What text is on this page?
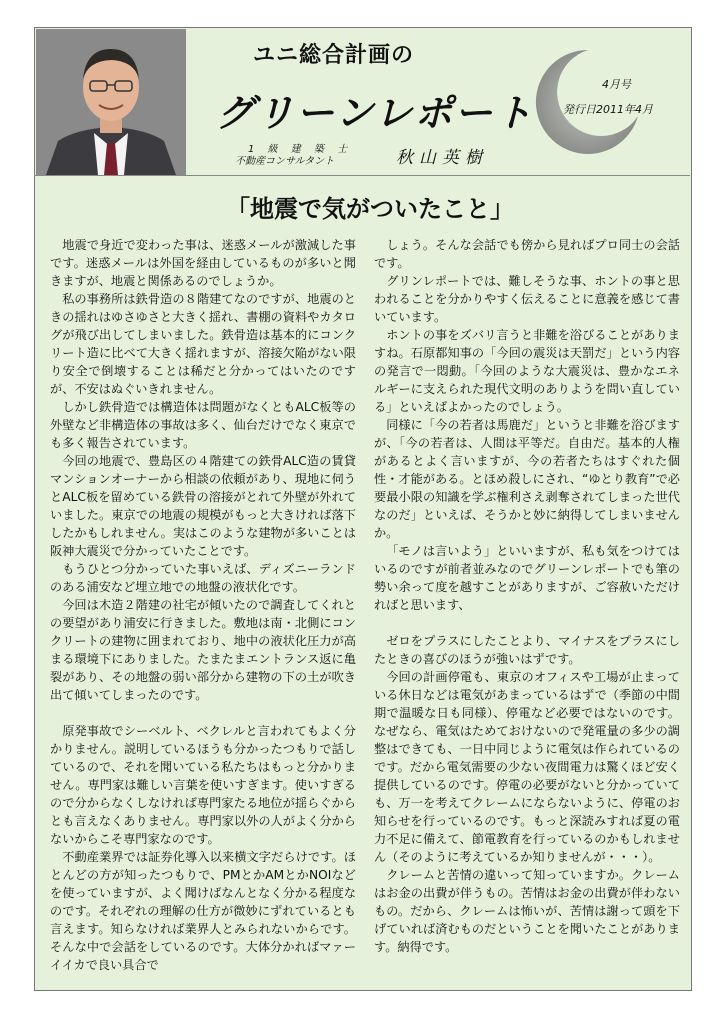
ユニ総合計画の
グリーンレポート
4月号
発行日2011年4月
1 級 建 築 士
不動産コンサルタント	秋山英樹
「地震で気がついたこと」

地震で身近で変わった事は、迷惑メールが激減した事です。迷惑メールは外国を経由しているものが多いと聞きますが、地震と関係あるのでしょうか。

私の事務所は鉄骨造の８階建てなのですが、地震のときの揺れはゆさゆさと大きく揺れ、書棚の資料やカタログが飛び出してしまいました。鉄骨造は基本的にコンクリート造に比べて大きく揺れますが、溶接欠陥がない限り安全で倒壊することは稀だと分かってはいたのですが、不安はぬぐいきれません。

しかし鉄骨造では構造体は問題がなくともALC板等の外壁など非構造体の事故は多く、仙台だけでなく東京でも多く報告されています。

今回の地震で、豊島区の４階建ての鉄骨ALC造の賃貸マンションオーナーから相談の依頼があり、現地に伺うとALC板を留めている鉄骨の溶接がとれて外壁が外れていました。東京での地震の規模がもっと大きければ落下したかもしれません。実はこのような建物が多いことは阪神大震災で分かっていたことです。

もうひとつ分かっていた事いえば、ディズニーランドのある浦安など埋立地での地盤の液状化です。

今回は木造２階建の社宅が傾いたので調査してくれとの要望があり浦安に行きました。敷地は南・北側にコンクリートの建物に囲まれており、地中の液状化圧力が高まる環境下にありました。たまたまエントランス返に亀裂があり、その地盤の弱い部分から建物の下の土が吹き出て傾いてしまったのです。

原発事故でシーベルト、ベクレルと言われてもよく分かりません。説明しているほうも分かったつもりで話しているので、それを聞いている私たちはもっと分かりません。専門家は難しい言葉を使いすぎます。使いすぎるので分からなくしなければ専門家たる地位が揺らぐからとも言えなくありません。専門家以外の人がよく分からないからこそ専門家なのです。

不動産業界では証券化導入以来横文字だらけです。ほとんどの方が知ったつもりで、PMとかAMとかNOIなどを使っていますが、よく聞けばなんとなく分かる程度なのです。それぞれの理解の仕方が微妙にずれているとも言えます。知らなければ業界人とみられないからです。そんな中で会話をしているのです。大体分かればマァーイイカで良い具合で

しょう。そんな会話でも傍から見ればプロ同士の会話です。

グリンレポートでは、難しそうな事、ホントの事と思われることを分かりやすく伝えることに意義を感じて書いています。

ホントの事をズバリ言うと非難を浴びることがありますね。石原都知事の「今回の震災は天罰だ」という内容の発言で一悶動。「今回のような大震災は、豊かなエネルギーに支えられた現代文明のありようを問い直している」といえばよかったのでしょう。

同様に「今の若者は馬鹿だ」というと非難を浴びますが、「今の若者は、人間は平等だ。自由だ。基本的人権があるとよく言いますが、今の若者たちはすぐれた個性・才能がある。とほめ殺しにされ、“ゆとり教育”で必要最小限の知識を学ぶ権利さえ剥奪されてしまった世代なのだ」といえば、そうかと妙に納得してしまいませんか。

「モノは言いよう」といいますが、私も気をつけてはいるのですが前者並みなのでグリーンレポートでも筆の勢い余って度を越すことがありますが、ご容赦いただければと思います、

ゼロをプラスにしたことより、マイナスをプラスにしたときの喜びのほうが強いはずです。

今回の計画停電も、東京のオフィスや工場が止まっている休日などは電気があまっているはずで（季節の中間期で温暖な日も同様）、停電など必要ではないのです。なぜなら、電気はためておけないので発電量の多少の調整はできても、一日中同じように電気は作られているのです。だから電気需要の少ない夜間電力は驚くほど安く提供しているのです。停電の必要がないと分かっていても、万一を考えてクレームにならないように、停電のお知らせを行っているのです。もっと深読みすれば夏の電力不足に備えて、節電教育を行っているのかもしれません（そのように考えているか知りませんが・・・）。

クレームと苦情の違いって知っていますか。クレームはお金の出費が伴うもの。苦情はお金の出費が伴わないもの。だから、クレームは怖いが、苦情は謝って頭を下げていれば済むものだということを聞いたことがあります。納得です。
